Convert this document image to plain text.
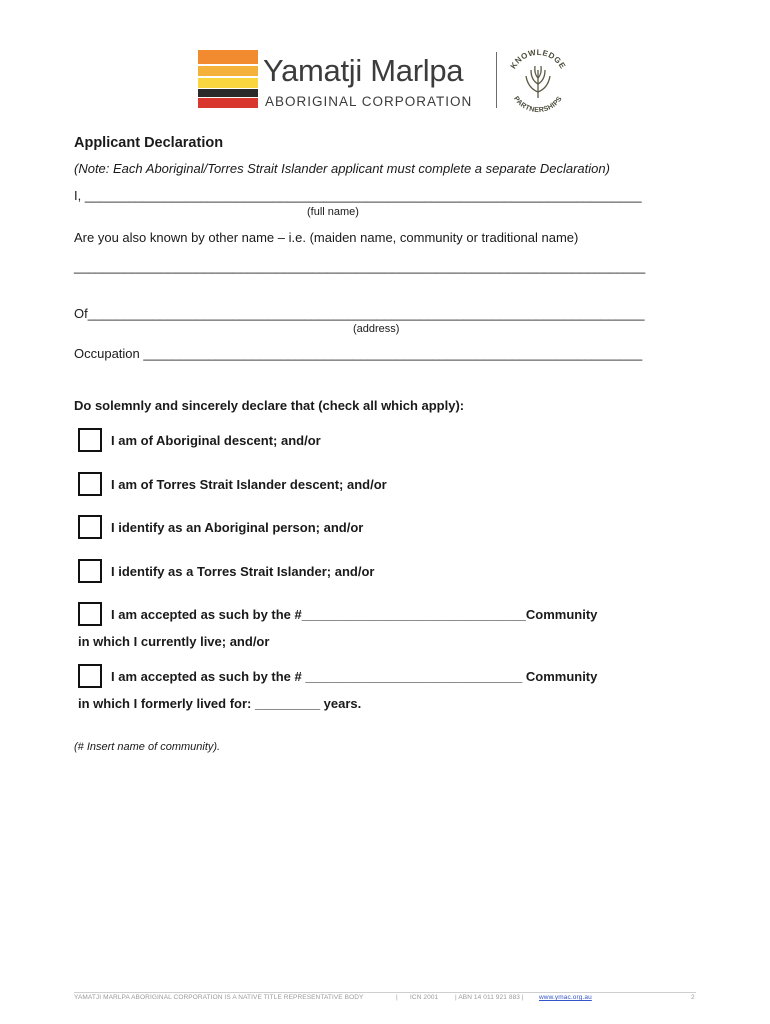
Yamatji Marlpa
ABORIGINAL CORPORATION
KNOWLEDGE
PARTNERSHIPS
Applicant Declaration
(Note: Each Aboriginal/Torres Strait Islander applicant must complete a separate Declaration)
I, _____________________________________________________________________________
(full name)
Are you also known by other name – i.e. (maiden name, community or traditional name)
_______________________________________________________________________________
Of_____________________________________________________________________________
(address)
Occupation _____________________________________________________________________
Do solemnly and sincerely declare that (check all which apply):
I am of Aboriginal descent; and/or
I am of Torres Strait Islander descent; and/or
I identify as an Aboriginal person; and/or
I identify as a Torres Strait Islander; and/or
I am accepted as such by the #_______________________________Community
in which I currently live; and/or
I am accepted as such by the # ______________________________ Community
in which I formerly lived for: _________ years.
(# Insert name of community).
YAMATJI MARLPA ABORIGINAL CORPORATION IS A NATIVE TITLE REPRESENTATIVE BODY	| ICN 2001	| ABN 14 011 921 883 | www.ymac.org.au	2
